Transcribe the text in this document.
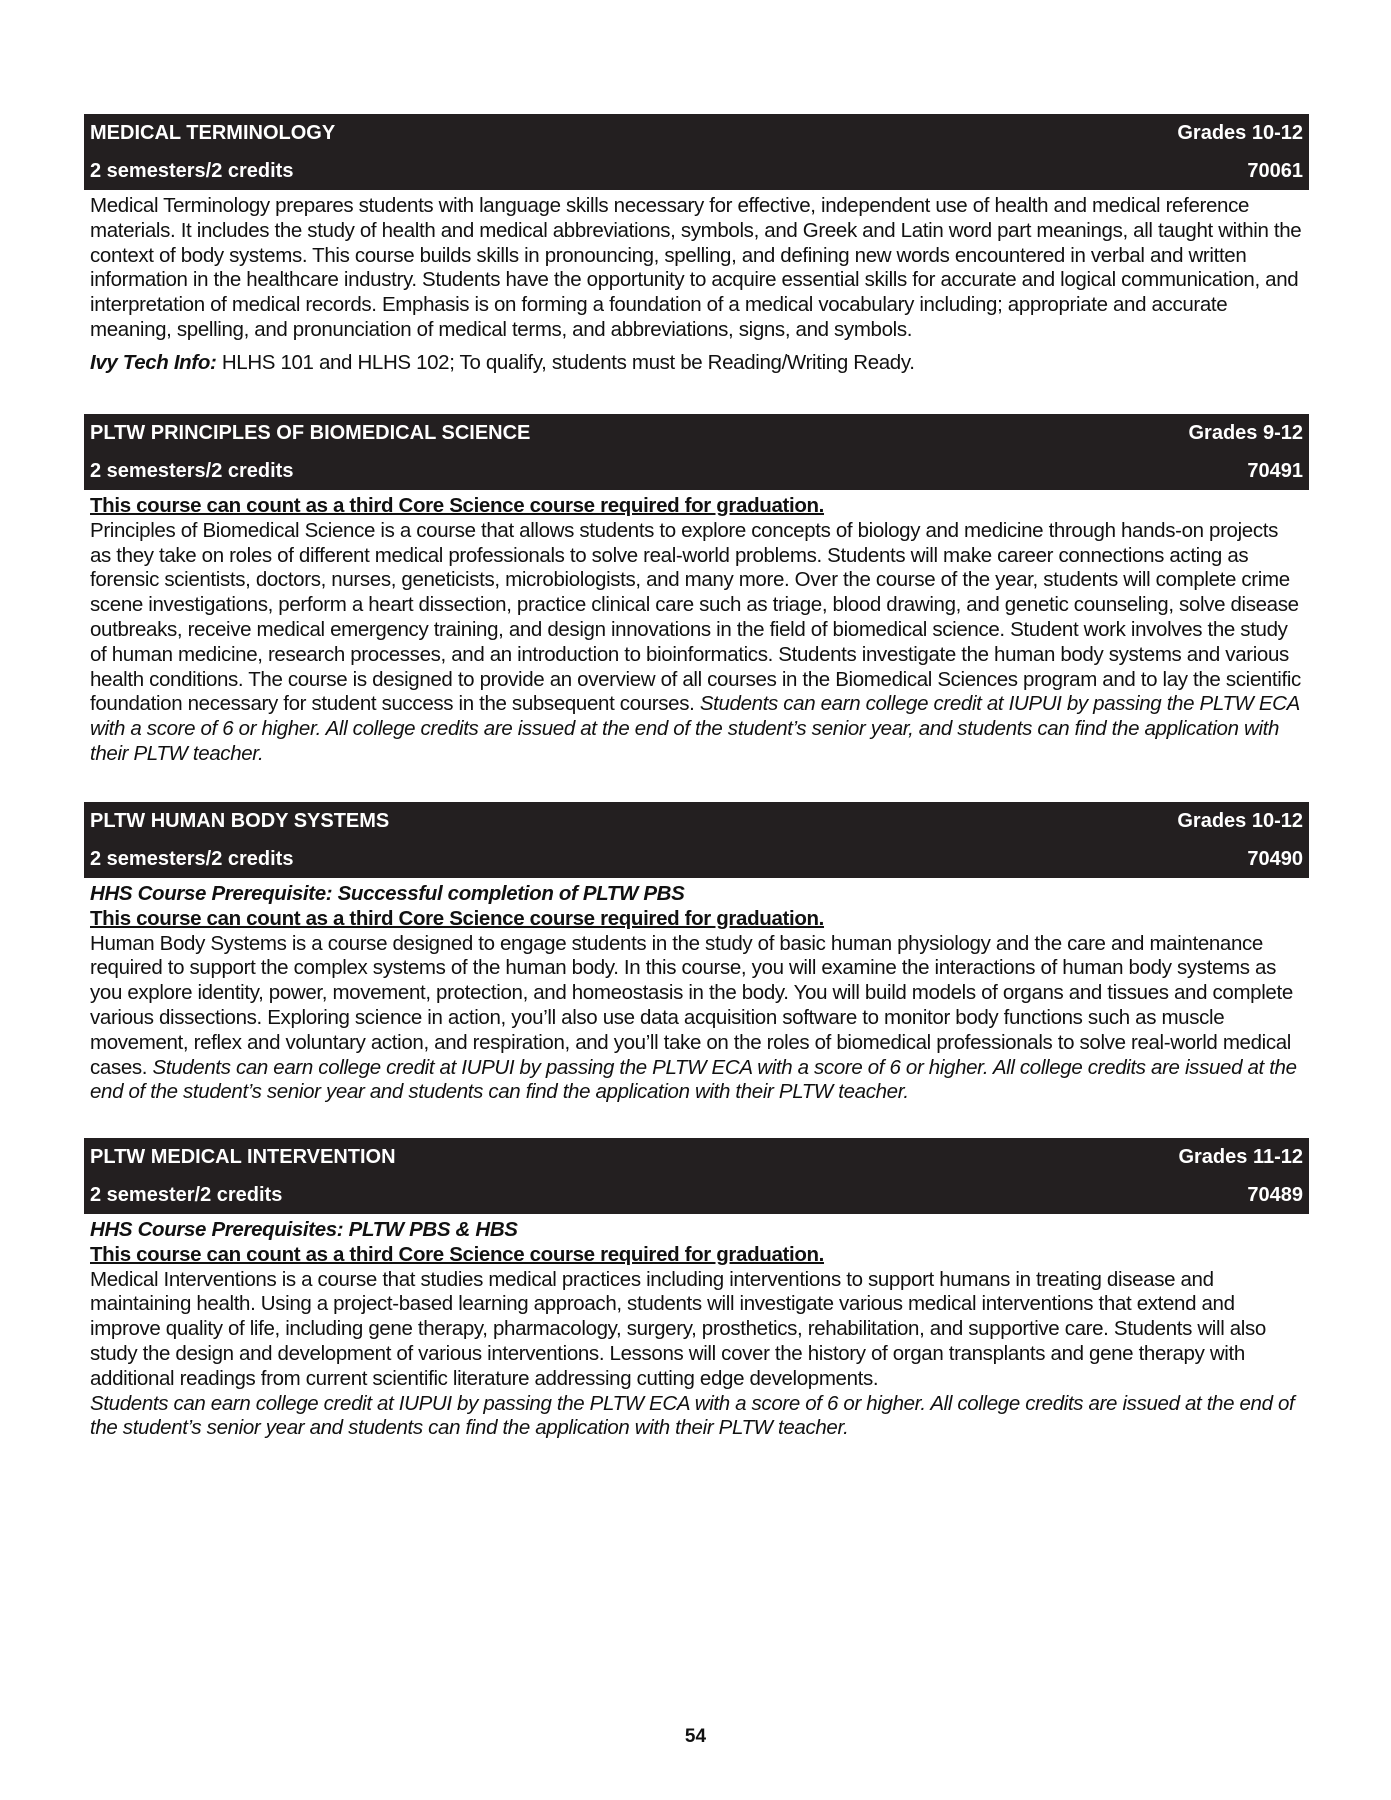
MEDICAL TERMINOLOGY	Grades 10-12
2 semesters/2 credits	70061

Medical Terminology prepares students with language skills necessary for effective, independent use of health and medical reference materials. It includes the study of health and medical abbreviations, symbols, and Greek and Latin word part meanings, all taught within the context of body systems. This course builds skills in pronouncing, spelling, and defining new words encountered in verbal and written information in the healthcare industry. Students have the opportunity to acquire essential skills for accurate and logical communication, and interpretation of medical records. Emphasis is on forming a foundation of a medical vocabulary including; appropriate and accurate meaning, spelling, and pronunciation of medical terms, and abbreviations, signs, and symbols.

Ivy Tech Info: HLHS 101 and HLHS 102; To qualify, students must be Reading/Writing Ready.

PLTW PRINCIPLES OF BIOMEDICAL SCIENCE	Grades 9-12
2 semesters/2 credits	70491

This course can count as a third Core Science course required for graduation.

Principles of Biomedical Science is a course that allows students to explore concepts of biology and medicine through hands-on projects as they take on roles of different medical professionals to solve real-world problems. Students will make career connections acting as forensic scientists, doctors, nurses, geneticists, microbiologists, and many more. Over the course of the year, students will complete crime scene investigations, perform a heart dissection, practice clinical care such as triage, blood drawing, and genetic counseling, solve disease outbreaks, receive medical emergency training, and design innovations in the field of biomedical science. Student work involves the study of human medicine, research processes, and an introduction to bioinformatics. Students investigate the human body systems and various health conditions. The course is designed to provide an overview of all courses in the Biomedical Sciences program and to lay the scientific foundation necessary for student success in the subsequent courses. Students can earn college credit at IUPUI by passing the PLTW ECA with a score of 6 or higher. All college credits are issued at the end of the student’s senior year, and students can find the application with their PLTW teacher.

PLTW HUMAN BODY SYSTEMS	Grades 10-12
2 semesters/2 credits	70490

HHS Course Prerequisite: Successful completion of PLTW PBS

This course can count as a third Core Science course required for graduation.

Human Body Systems is a course designed to engage students in the study of basic human physiology and the care and maintenance required to support the complex systems of the human body. In this course, you will examine the interactions of human body systems as you explore identity, power, movement, protection, and homeostasis in the body. You will build models of organs and tissues and complete various dissections. Exploring science in action, you’ll also use data acquisition software to monitor body functions such as muscle movement, reflex and voluntary action, and respiration, and you’ll take on the roles of biomedical professionals to solve real-world medical cases. Students can earn college credit at IUPUI by passing the PLTW ECA with a score of 6 or higher. All college credits are issued at the end of the student’s senior year and students can find the application with their PLTW teacher.

PLTW MEDICAL INTERVENTION	Grades 11-12
2 semester/2 credits	70489

HHS Course Prerequisites: PLTW PBS & HBS

This course can count as a third Core Science course required for graduation.

Medical Interventions is a course that studies medical practices including interventions to support humans in treating disease and maintaining health. Using a project-based learning approach, students will investigate various medical interventions that extend and improve quality of life, including gene therapy, pharmacology, surgery, prosthetics, rehabilitation, and supportive care. Students will also study the design and development of various interventions. Lessons will cover the history of organ transplants and gene therapy with additional readings from current scientific literature addressing cutting edge developments.

Students can earn college credit at IUPUI by passing the PLTW ECA with a score of 6 or higher. All college credits are issued at the end of the student’s senior year and students can find the application with their PLTW teacher.

54
